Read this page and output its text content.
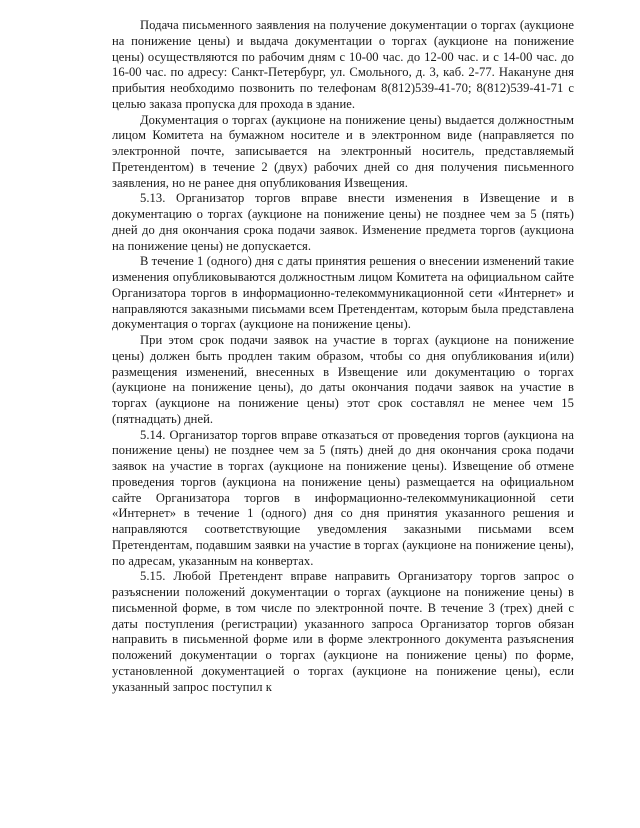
Подача письменного заявления на получение документации о торгах (аукционе на понижение цены) и выдача документации о торгах (аукционе на понижение цены) осуществляются по рабочим дням с 10-00 час. до 12-00 час. и с 14-00 час. до 16-00 час. по адресу: Санкт-Петербург, ул. Смольного, д. 3, каб. 2-77. Накануне дня прибытия необходимо позвонить по телефонам 8(812)539-41-70; 8(812)539-41-71 с целью заказа пропуска для прохода в здание.

Документация о торгах (аукционе на понижение цены) выдается должностным лицом Комитета на бумажном носителе и в электронном виде (направляется по электронной почте, записывается на электронный носитель, представляемый Претендентом) в течение 2 (двух) рабочих дней со дня получения письменного заявления, но не ранее дня опубликования Извещения.

5.13. Организатор торгов вправе внести изменения в Извещение и в документацию о торгах (аукционе на понижение цены) не позднее чем за 5 (пять) дней до дня окончания срока подачи заявок. Изменение предмета торгов (аукциона на понижение цены) не допускается.

В течение 1 (одного) дня с даты принятия решения о внесении изменений такие изменения опубликовываются должностным лицом Комитета на официальном сайте Организатора торгов в информационно-телекоммуникационной сети «Интернет» и направляются заказными письмами всем Претендентам, которым была представлена документация о торгах (аукционе на понижение цены).

При этом срок подачи заявок на участие в торгах (аукционе на понижение цены) должен быть продлен таким образом, чтобы со дня опубликования и(или) размещения изменений, внесенных в Извещение или документацию о торгах (аукционе на понижение цены), до даты окончания подачи заявок на участие в торгах (аукционе на понижение цены) этот срок составлял не менее чем 15 (пятнадцать) дней.

5.14. Организатор торгов вправе отказаться от проведения торгов (аукциона на понижение цены) не позднее чем за 5 (пять) дней до дня окончания срока подачи заявок на участие в торгах (аукционе на понижение цены). Извещение об отмене проведения торгов (аукциона на понижение цены) размещается на официальном сайте Организатора торгов в информационно-телекоммуникационной сети «Интернет» в течение 1 (одного) дня со дня принятия указанного решения и направляются соответствующие уведомления заказными письмами всем Претендентам, подавшим заявки на участие в торгах (аукционе на понижение цены), по адресам, указанным на конвертах.

5.15. Любой Претендент вправе направить Организатору торгов запрос о разъяснении положений документации о торгах (аукционе на понижение цены) в письменной форме, в том числе по электронной почте. В течение 3 (трех) дней с даты поступления (регистрации) указанного запроса Организатор торгов обязан направить в письменной форме или в форме электронного документа разъяснения положений документации о торгах (аукционе на понижение цены) по форме, установленной документацией о торгах (аукционе на понижение цены), если указанный запрос поступил к
